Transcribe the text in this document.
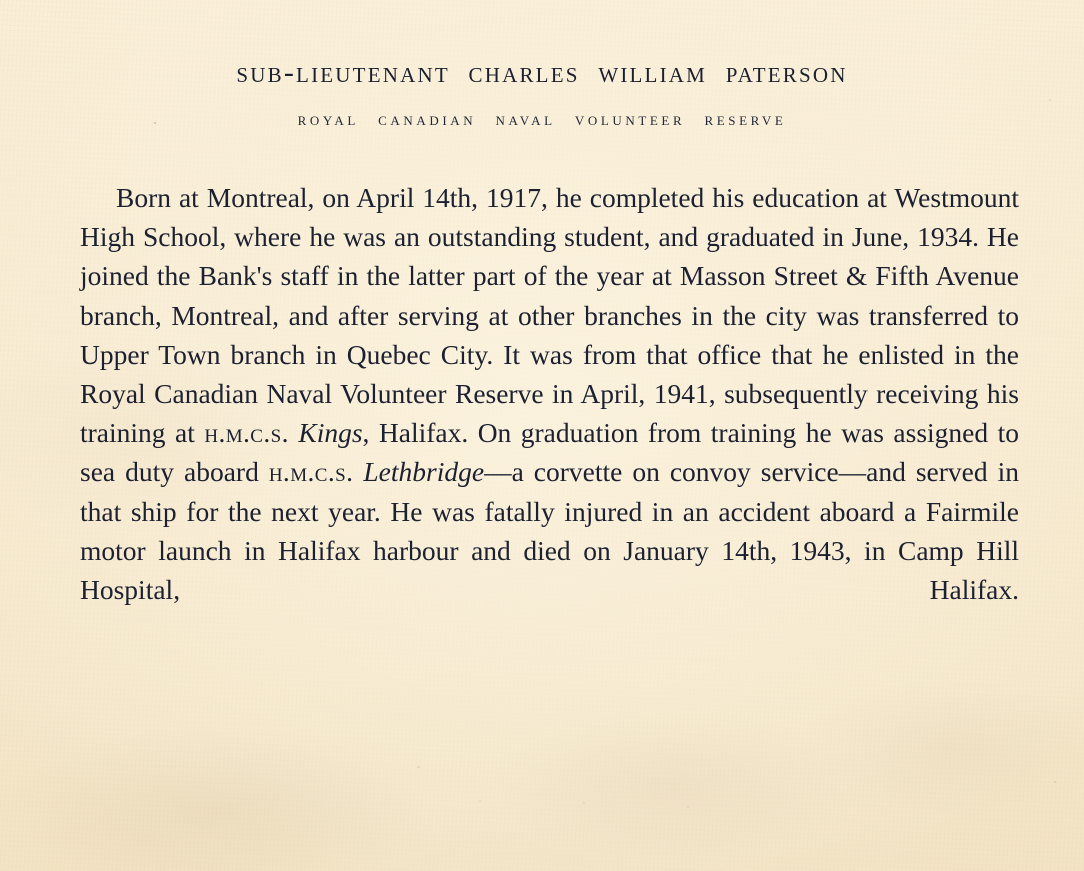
sub-lieutenant charles william paterson
royal canadian naval volunteer reserve

Born at Montreal, on April 14th, 1917, he completed his education at Westmount High School, where he was an outstanding student, and graduated in June, 1934. He joined the Bank's staff in the latter part of the year at Masson Street & Fifth Avenue branch, Montreal, and after serving at other branches in the city was transferred to Upper Town branch in Quebec City. It was from that office that he enlisted in the Royal Canadian Naval Volunteer Reserve in April, 1941, subsequently receiving his training at h.m.c.s. Kings, Halifax. On graduation from training he was assigned to sea duty aboard h.m.c.s. Lethbridge—a corvette on convoy service—and served in that ship for the next year. He was fatally injured in an accident aboard a Fairmile motor launch in Halifax harbour and died on January 14th, 1943, in Camp Hill Hospital, Halifax.
